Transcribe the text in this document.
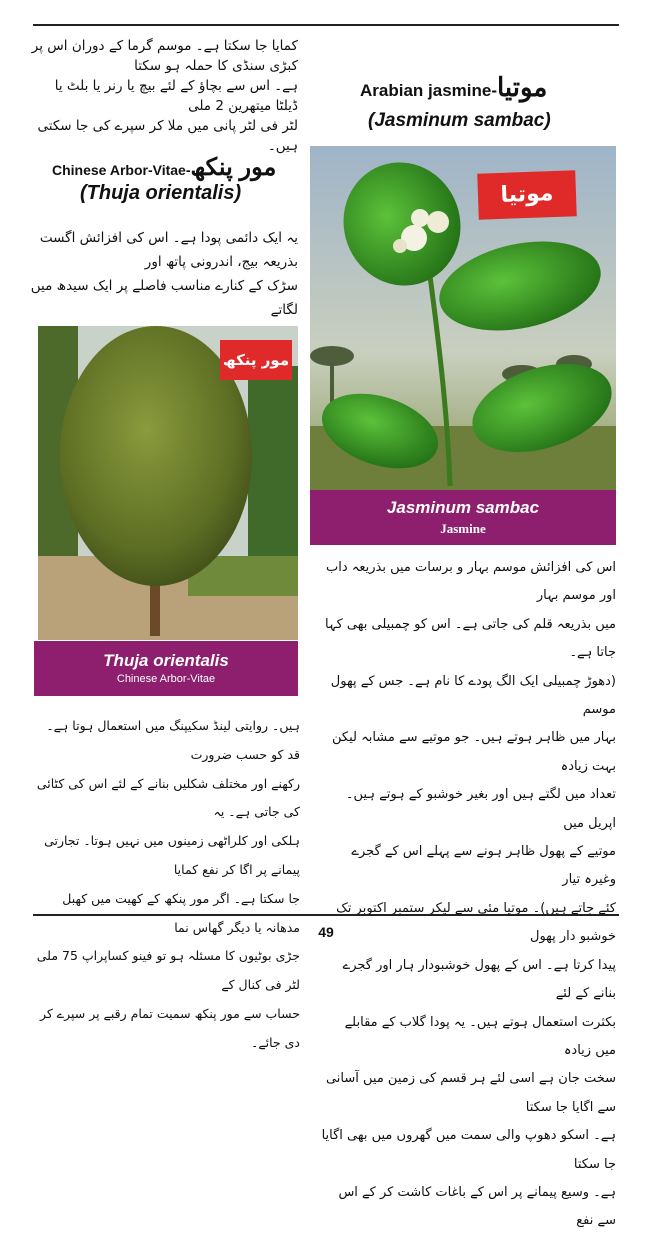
کمایا جا سکتا ہے۔ موسم گرما کے دوران اس پر کبڑی سنڈی کا حملہ ہو سکتا

ہے۔ اس سے بچاؤ کے لئے بیچ یا رنر یا بلٹ یا ڈیلٹا میتھرین 2 ملی

لٹر فی لٹر پانی میں ملا کر سپرے کی جا سکتی ہیں۔

Arabian jasmine-موتیا
(Jasminum sambac)
Chinese Arbor-Vitae-مور پنکھ
(Thuja orientalis)

یہ ایک دائمی پودا ہے۔ اس کی افزائش اگست بذریعہ بیج، اندرونی پاتھ اور

سڑک کے کنارے مناسب فاصلے پر ایک سیدھ میں لگاتے

موتیا
Jasminum sambac
Jasmine
مور پنکھ
Thuja orientalis
Chinese Arbor-Vitae

اس کی افزائش موسم بہار و برسات میں بذریعہ داب اور موسم بہار

میں بذریعہ قلم کی جاتی ہے۔ اس کو چمبیلی بھی کہا جاتا ہے۔

(دھوڑ چمبیلی ایک الگ پودے کا نام ہے۔ جس کے پھول موسم

بہار میں ظاہر ہوتے ہیں۔ جو موتیے سے مشابہ لیکن بہت زیادہ

تعداد میں لگتے ہیں اور بغیر خوشبو کے ہوتے ہیں۔ اپریل میں

موتیے کے پھول ظاہر ہونے سے پہلے اس کے گجرے وغیرہ تیار

کئے جاتے ہیں)۔ موتیا مئی سے لیکر ستمبر اکتوبر تک خوشبو دار پھول

پیدا کرتا ہے۔ اس کے پھول خوشبودار ہار اور گجرے بنانے کے لئے

بکثرت استعمال ہوتے ہیں۔ یہ پودا گلاب کے مقابلے میں زیادہ

سخت جان ہے اسی لئے ہر قسم کی زمین میں آسانی سے اگایا جا سکتا

ہے۔ اسکو دھوپ والی سمت میں گھروں میں بھی اگایا جا سکتا

ہے۔ وسیع پیمانے پر اس کے باغات کاشت کر کے اس سے نفع

ہیں۔ روایتی لینڈ سکیپنگ میں استعمال ہوتا ہے۔ قد کو حسب ضرورت

رکھنے اور مختلف شکلیں بنانے کے لئے اس کی کٹائی کی جاتی ہے۔ یہ

ہلکی اور کلراٹھی زمینوں میں نہیں ہوتا۔ تجارتی پیمانے پر اگا کر نفع کمایا

جا سکتا ہے۔ اگر مور پنکھ کے کھیت میں کھبل مدھانہ یا دیگر گھاس نما

جڑی بوٹیوں کا مسئلہ ہو تو فینو کساپراپ 75 ملی لٹر فی کنال کے

حساب سے مور پنکھ سمیت تمام رقبے پر سپرے کر دی جائے۔

49
